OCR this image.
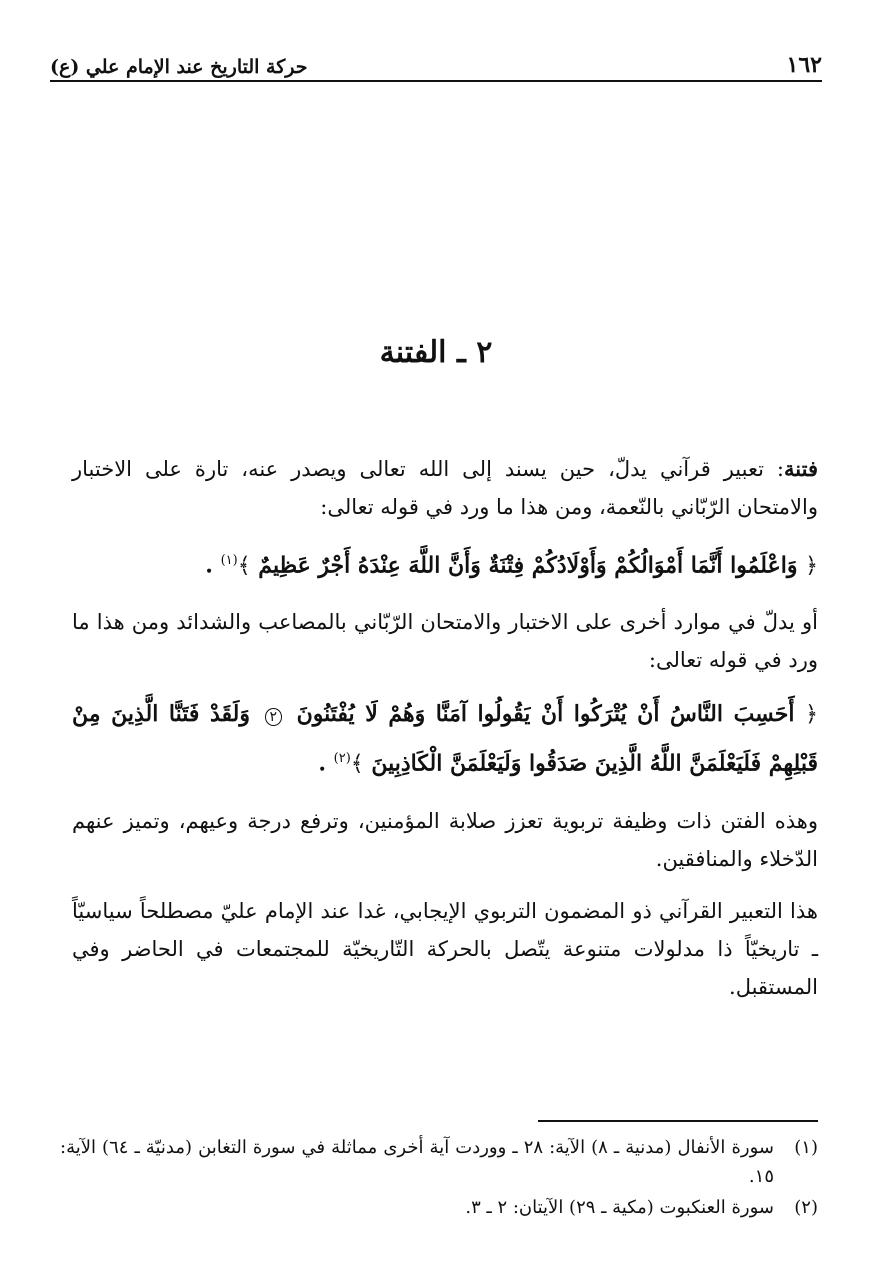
١٦٢
حركة التاريخ عند الإمام علي (ع)
٢ ـ الفتنة

فتنة: تعبير قرآني يدلّ، حين يسند إلى الله تعالى ويصدر عنه، تارة على الاختبار والامتحان الرّبّاني بالنّعمة، ومن هذا ما ورد في قوله تعالى:

﴿ وَاعْلَمُوا أَنَّمَا أَمْوَالُكُمْ وَأَوْلَادُكُمْ فِتْنَةٌ وَأَنَّ اللَّهَ عِنْدَهُ أَجْرٌ عَظِيمٌ ﴾$^{(١)}$ .

أو يدلّ في موارد أخرى على الاختبار والامتحان الرّبّاني بالمصاعب والشدائد ومن هذا ما ورد في قوله تعالى:

﴿ أَحَسِبَ النَّاسُ أَنْ يُتْرَكُوا أَنْ يَقُولُوا آمَنَّا وَهُمْ لَا يُفْتَنُونَ ٢ وَلَقَدْ فَتَنَّا الَّذِينَ مِنْ قَبْلِهِمْ فَلَيَعْلَمَنَّ اللَّهُ الَّذِينَ صَدَقُوا وَلَيَعْلَمَنَّ الْكَاذِبِينَ ﴾$^{(٢)}$ .

وهذه الفتن ذات وظيفة تربوية تعزز صلابة المؤمنين، وترفع درجة وعيهم، وتميز عنهم الدّخلاء والمنافقين.

هذا التعبير القرآني ذو المضمون التربوي الإيجابي، غدا عند الإمام عليّ مصطلحاً سياسيّاً ـ تاريخيّاً ذا مدلولات متنوعة يتّصل بالحركة التّاريخيّة للمجتمعات في الحاضر وفي المستقبل.

(١)
سورة الأنفال (مدنية ـ ٨) الآية: ٢٨ ـ ووردت آية أخرى مماثلة في سورة التغابن (مدنيّة ـ ٦٤) الآية: ١٥.
(٢)
سورة العنكبوت (مكية ـ ٢٩) الآيتان: ٢ ـ ٣.
